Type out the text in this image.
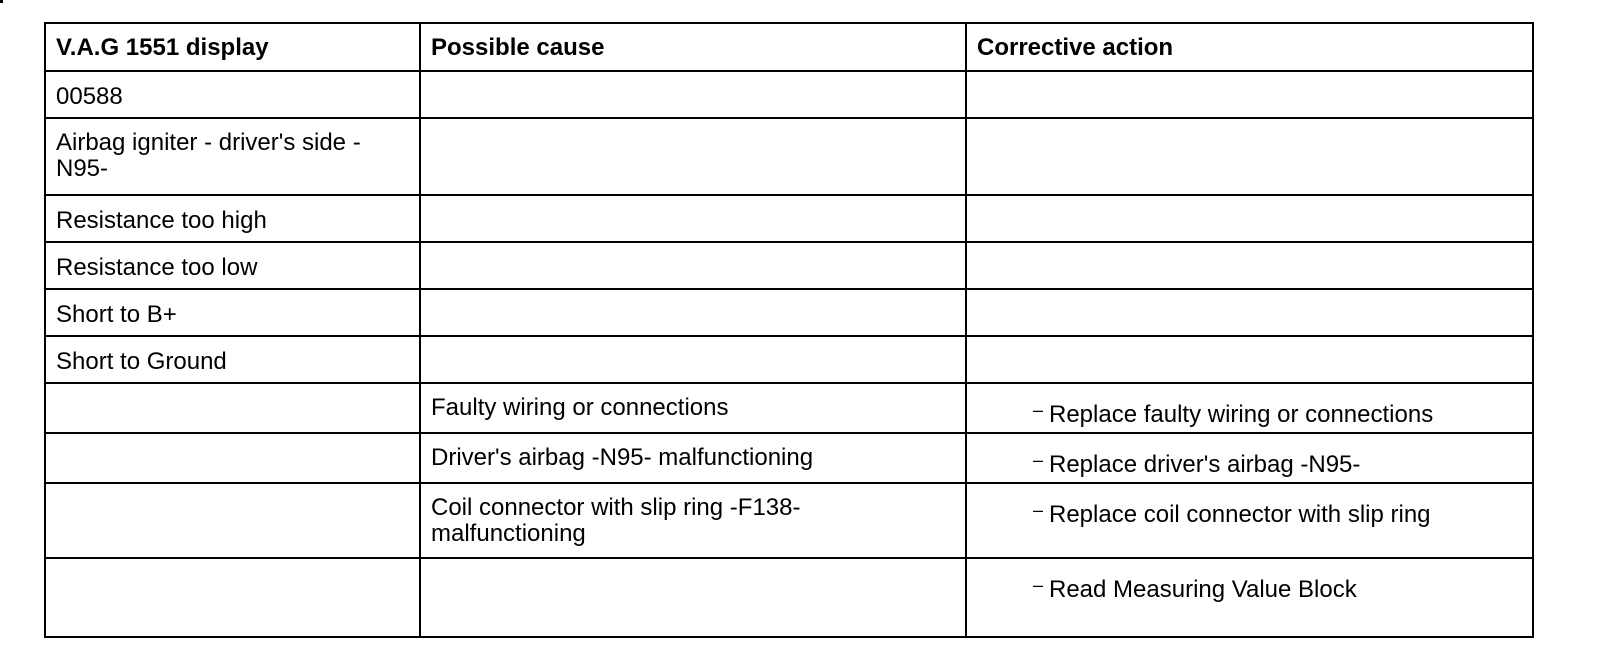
V.A.G 1551 display	Possible cause	Corrective action
00588		
Airbag igniter - driver's side - N95-		
Resistance too high		
Resistance too low		
Short to B+		
Short to Ground		
	Faulty wiring or connections	– Replace faulty wiring or connections
	Driver's airbag -N95- malfunctioning	– Replace driver's airbag -N95-
	Coil connector with slip ring -F138- malfunctioning	– Replace coil connector with slip ring
		– Read Measuring Value Block
